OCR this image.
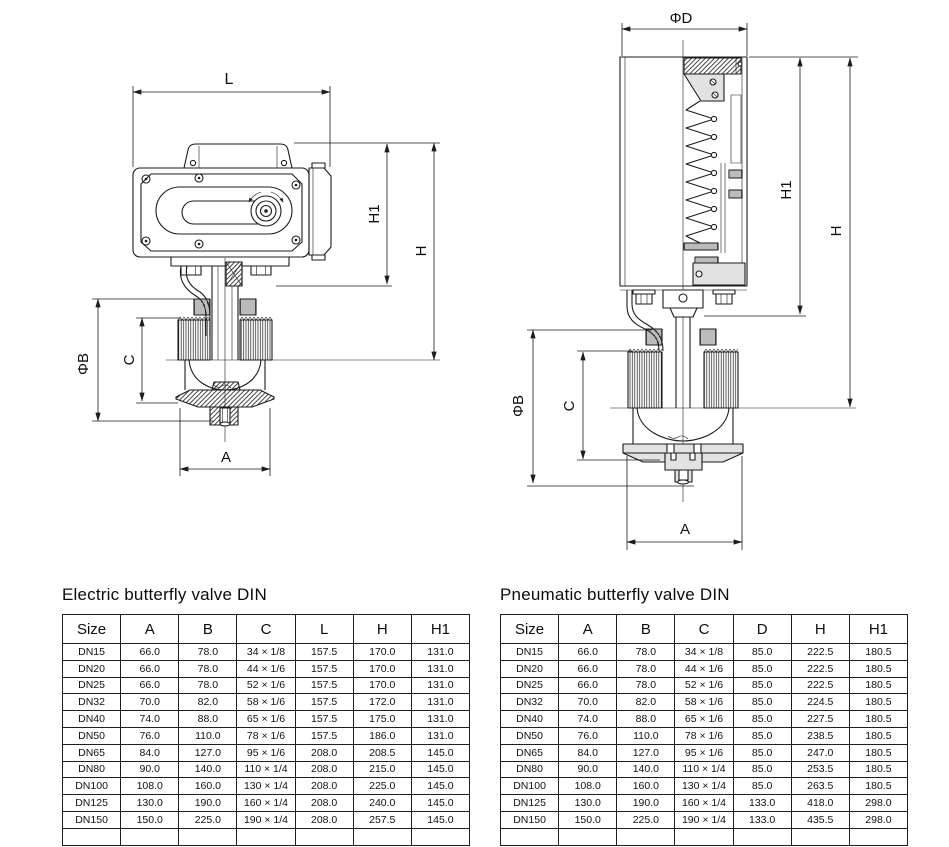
L
ΦB C
A
H1
H
ΦD
ΦB C
A
H1
H
Electric butterfly valve DIN
Size	A	B	C	L	H	H1
DN15	66.0	78.0	34 × 1/8	157.5	170.0	131.0
DN20	66.0	78.0	44 × 1/6	157.5	170.0	131.0
DN25	66.0	78.0	52 × 1/6	157.5	170.0	131.0
DN32	70.0	82.0	58 × 1/6	157.5	172.0	131.0
DN40	74.0	88.0	65 × 1/6	157.5	175.0	131.0
DN50	76.0	110.0	78 × 1/6	157.5	186.0	131.0
DN65	84.0	127.0	95 × 1/6	208.0	208.5	145.0
DN80	90.0	140.0	110 × 1/4	208.0	215.0	145.0
DN100	108.0	160.0	130 × 1/4	208.0	225.0	145.0
DN125	130.0	190.0	160 × 1/4	208.0	240.0	145.0
DN150	150.0	225.0	190 × 1/4	208.0	257.5	145.0

Pneumatic butterfly valve DIN
Size	A	B	C	D	H	H1
DN15	66.0	78.0	34 × 1/8	85.0	222.5	180.5
DN20	66.0	78.0	44 × 1/6	85.0	222.5	180.5
DN25	66.0	78.0	52 × 1/6	85.0	222.5	180.5
DN32	70.0	82.0	58 × 1/6	85.0	224.5	180.5
DN40	74.0	88.0	65 × 1/6	85.0	227.5	180.5
DN50	76.0	110.0	78 × 1/6	85.0	238.5	180.5
DN65	84.0	127.0	95 × 1/6	85.0	247.0	180.5
DN80	90.0	140.0	110 × 1/4	85.0	253.5	180.5
DN100	108.0	160.0	130 × 1/4	85.0	263.5	180.5
DN125	130.0	190.0	160 × 1/4	133.0	418.0	298.0
DN150	150.0	225.0	190 × 1/4	133.0	435.5	298.0
